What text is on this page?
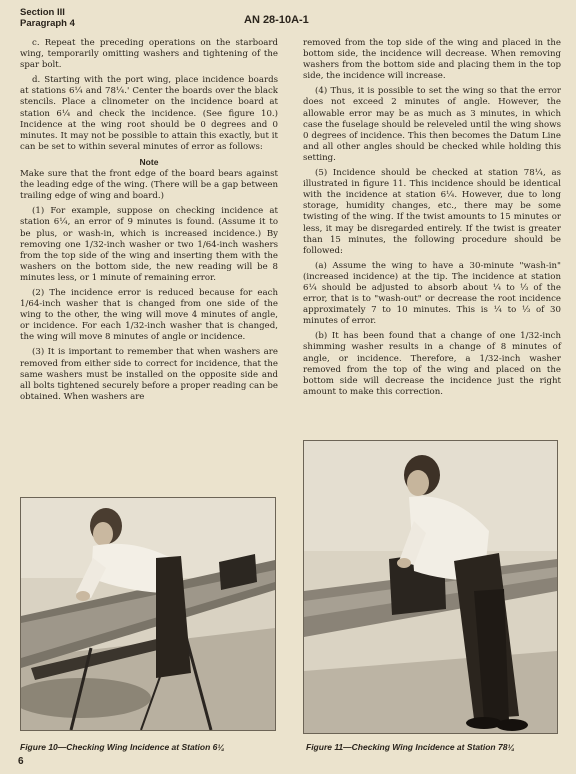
Section III
Paragraph 4	AN 28-10A-1

c. Repeat the preceding operations on the starboard wing, temporarily omitting washers and tightening of the spar bolt.

d. Starting with the port wing, place incidence boards at stations 6¼ and 78¼.' Center the boards over the black stencils. Place a clinometer on the incidence board at station 6¼ and check the incidence. (See figure 10.) Incidence at the wing root should be 0 degrees and 0 minutes. It may not be possible to attain this exactly, but it can be set to within several minutes of error as follows:

Note

Make sure that the front edge of the board bears against the leading edge of the wing. (There will be a gap between trailing edge of wing and board.)

(1) For example, suppose on checking incidence at station 6¼, an error of 9 minutes is found. (Assume it to be plus, or wash-in, which is increased incidence.) By removing one 1/32-inch washer or two 1/64-inch washers from the top side of the wing and inserting them with the washers on the bottom side, the new reading will be 8 minutes less, or 1 minute of remaining error.

(2) The incidence error is reduced because for each 1/64-inch washer that is changed from one side of the wing to the other, the wing will move 4 minutes of angle, or incidence. For each 1/32-inch washer that is changed, the wing will move 8 minutes of angle or incidence.

(3) It is important to remember that when washers are removed from either side to correct for incidence, that the same washers must be installed on the opposite side and all bolts tightened securely before a proper reading can be obtained. When washers are

removed from the top side of the wing and placed in the bottom side, the incidence will decrease. When removing washers from the bottom side and placing them in the top side, the incidence will increase.

(4) Thus, it is possible to set the wing so that the error does not exceed 2 minutes of angle. However, the allowable error may be as much as 3 minutes, in which case the fuselage should be releveled until the wing shows 0 degrees of incidence. This then becomes the Datum Line and all other angles should be checked while holding this setting.

(5) Incidence should be checked at station 78¼, as illustrated in figure 11. This incidence should be identical with the incidence at station 6¼. However, due to long storage, humidity changes, etc., there may be some twisting of the wing. If the twist amounts to 15 minutes or less, it may be disregarded entirely. If the twist is greater than 15 minutes, the following procedure should be followed:

(a) Assume the wing to have a 30-minute "wash-in" (increased incidence) at the tip. The incidence at station 6¼ should be adjusted to absorb about ¼ to ⅓ of the error, that is to "wash-out" or decrease the root incidence approximately 7 to 10 minutes. This is ¼ to ⅓ of 30 minutes of error.

(b) It has been found that a change of one 1/32-inch shimming washer results in a change of 8 minutes of angle, or incidence. Therefore, a 1/32-inch washer removed from the top of the wing and placed on the bottom side will decrease the incidence just the right amount to make this correction.

Figure 10—Checking Wing Incidence at Station 6¼	Figure 11—Checking Wing Incidence at Station 78¼
6
